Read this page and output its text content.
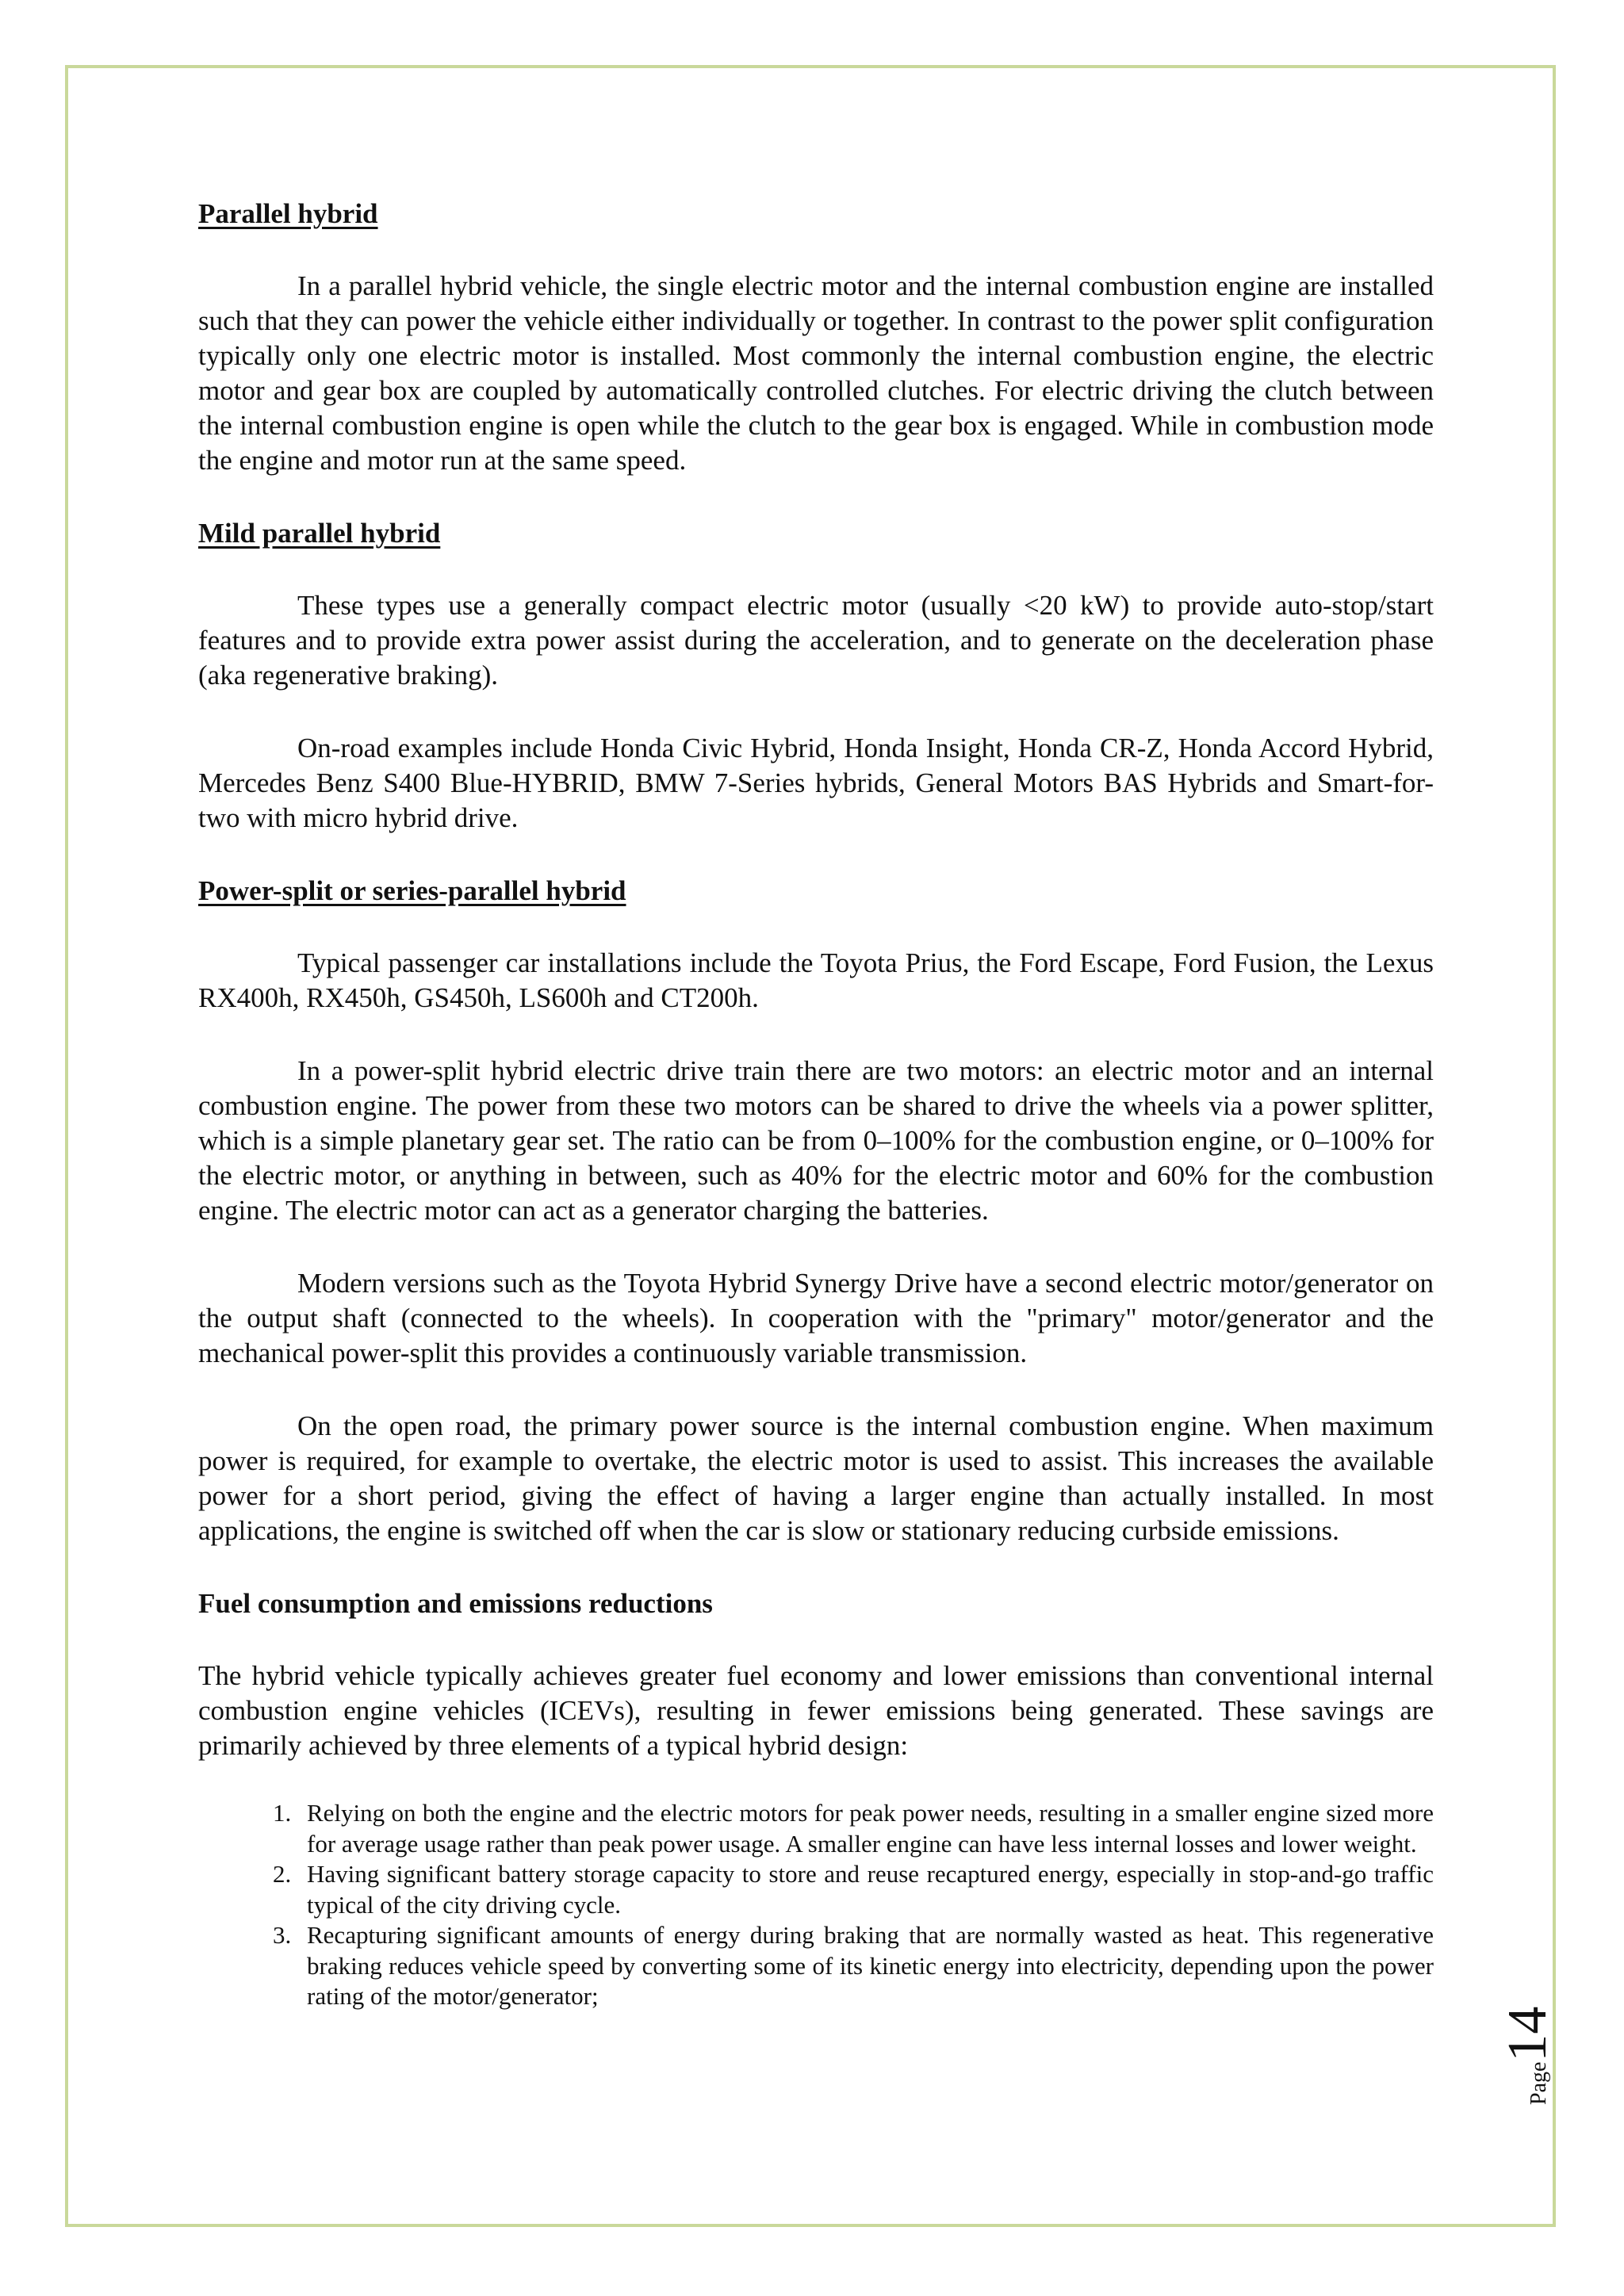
Parallel hybrid

In a parallel hybrid vehicle, the single electric motor and the internal combustion engine are installed such that they can power the vehicle either individually or together. In contrast to the power split configuration typically only one electric motor is installed. Most commonly the internal combustion engine, the electric motor and gear box are coupled by automatically controlled clutches. For electric driving the clutch between the internal combustion engine is open while the clutch to the gear box is engaged. While in combustion mode the engine and motor run at the same speed.

Mild parallel hybrid

These types use a generally compact electric motor (usually <20 kW) to provide auto-stop/start features and to provide extra power assist during the acceleration, and to generate on the deceleration phase (aka regenerative braking).

On-road examples include Honda Civic Hybrid, Honda Insight, Honda CR-Z, Honda Accord Hybrid, Mercedes Benz S400 Blue-HYBRID, BMW 7-Series hybrids, General Motors BAS Hybrids and Smart-for-two with micro hybrid drive.

Power-split or series-parallel hybrid

Typical passenger car installations include the Toyota Prius, the Ford Escape, Ford Fusion, the Lexus RX400h, RX450h, GS450h, LS600h and CT200h.

In a power-split hybrid electric drive train there are two motors: an electric motor and an internal combustion engine. The power from these two motors can be shared to drive the wheels via a power splitter, which is a simple planetary gear set. The ratio can be from 0–100% for the combustion engine, or 0–100% for the electric motor, or anything in between, such as 40% for the electric motor and 60% for the combustion engine. The electric motor can act as a generator charging the batteries.

Modern versions such as the Toyota Hybrid Synergy Drive have a second electric motor/generator on the output shaft (connected to the wheels). In cooperation with the "primary" motor/generator and the mechanical power-split this provides a continuously variable transmission.

On the open road, the primary power source is the internal combustion engine. When maximum power is required, for example to overtake, the electric motor is used to assist. This increases the available power for a short period, giving the effect of having a larger engine than actually installed. In most applications, the engine is switched off when the car is slow or stationary reducing curbside emissions.

Fuel consumption and emissions reductions

The hybrid vehicle typically achieves greater fuel economy and lower emissions than conventional internal combustion engine vehicles (ICEVs), resulting in fewer emissions being generated. These savings are primarily achieved by three elements of a typical hybrid design:

1. Relying on both the engine and the electric motors for peak power needs, resulting in a smaller engine sized more for average usage rather than peak power usage. A smaller engine can have less internal losses and lower weight.
2. Having significant battery storage capacity to store and reuse recaptured energy, especially in stop-and-go traffic typical of the city driving cycle.
3. Recapturing significant amounts of energy during braking that are normally wasted as heat. This regenerative braking reduces vehicle speed by converting some of its kinetic energy into electricity, depending upon the power rating of the motor/generator;
Page14
